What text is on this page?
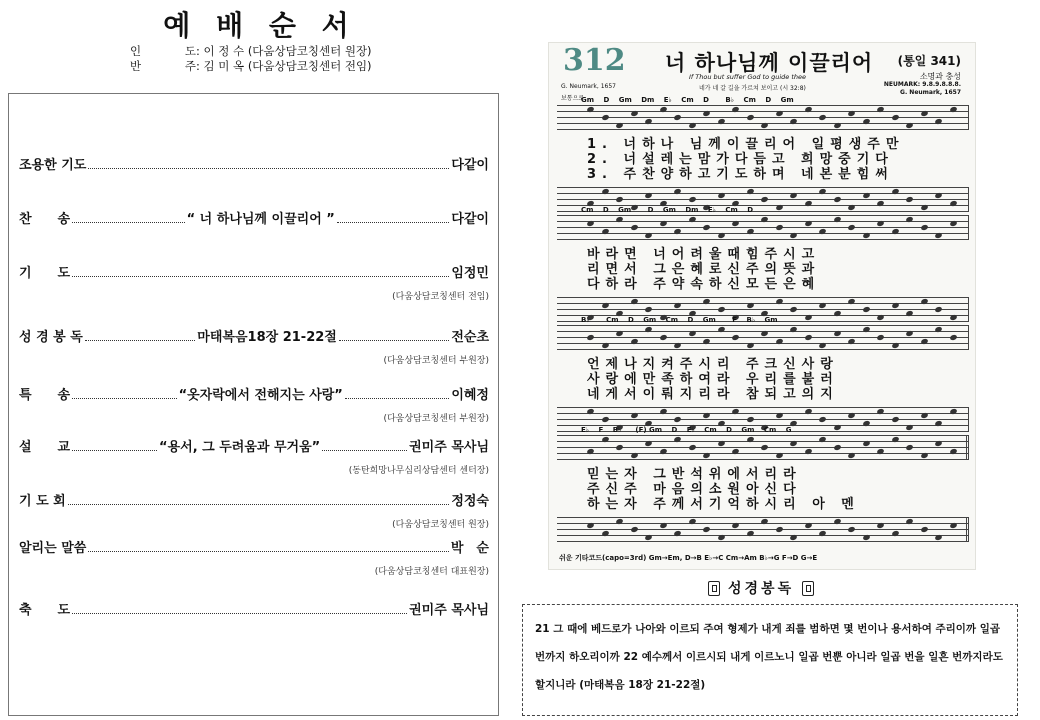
예 배 순 서
인	도 : 이 정 수 (다움상담코칭센터 원장)
반	주 : 김 미 옥 (다움상담코칭센터 전임)
조용한 기도	다같이
찬　　송	“ 너 하나님께 이끌리어 ”	다같이
기　　도	임정민
(다움상담코칭센터 전임)
성 경 봉 독	마태복음18장 21-22절	전순초
(다움상담코칭센터 부원장)
특　　송	“옷자락에서 전해지는 사랑”	이혜정
(다움상담코칭센터 부원장)
설　　교	“용서, 그 두려움과 무거움”	권미주 목사님
(동탄희망나무심리상담센터 센터장)
기 도 회	정정숙
(다움상담코칭센터 원장)
알리는 말씀	박　순
(다움상담코칭센터 대표원장)
축　　도	권미주 목사님
312 너 하나님께 이끌리어 (통일 341)
소명과 충성
If Thou but suffer God to guide thee
네가 네 갈 길을 가르쳐 보이고 (시 32:8)
G. Neumark, 1657	NEUMARK: 9.8.9.8.8.8.
G. Neumark, 1657
보통으로
Gm　 D　 Gm　 Dm　 E♭　 Cm　 D　　 B♭　 Cm　 D　 Gm
1. 너하나 님께이끌리어 일평생주만
2. 너설레는맘가다듬고 희망중기다
3. 주찬양하고기도하며 네본분힘써
Cm　 D　 Gm　　 D　 Gm　 Dm　 E♭　 Cm　 D
바라면 너어려울때힘주시고
리면서 그은혜로신주의뜻과
다하라 주약속하신모든은혜
B♭　　 Cm　 D　 Gm　 Cm　 D　 Gm　　 F　 B♭　 Gm
언제나지켜주시리 주크신사랑
사랑에만족하여라 우리를불러
네게서이뤄지리라 참되고의지
E♭　 F　 B♭　　(F) Gm　 D　 E♭　 Cm　 D　 Gm　 Cm　 G
믿는자 그반석위에서리라
주신주 마음의소원아신다
하는자 주께서기억하시리 아 멘
쉬운 기타코드(capo=3rd) Gm→Em, D→B E♭→C Cm→Am B♭→G F→D G→E
성경봉독
21 그 때에 베드로가 나아와 이르되 주여 형제가 내게 죄를 범하면 몇 번이나 용서하여 주리이까 일곱 번까지 하오리이까 22 예수께서 이르시되 내게 이르노니 일곱 번뿐 아니라 일곱 번을 일흔 번까지라도 할지니라 (마태복음 18장 21-22절)
